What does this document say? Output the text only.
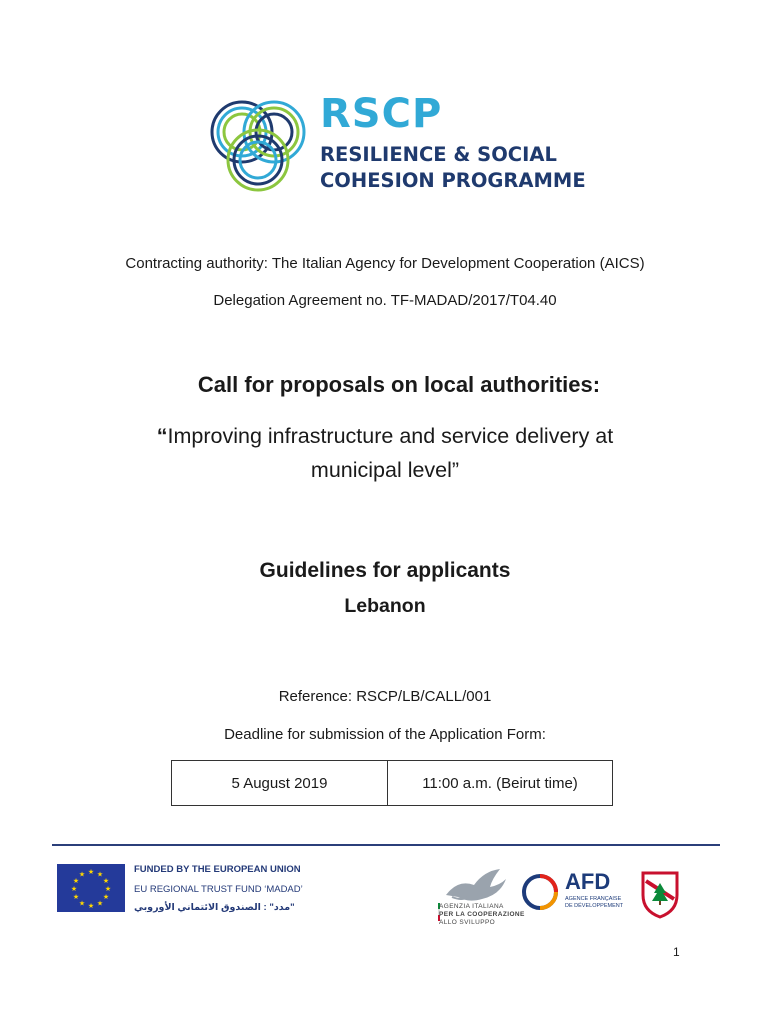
RSCP
RESILIENCE & SOCIAL
COHESION PROGRAMME
Contracting authority: The Italian Agency for Development Cooperation (AICS)
Delegation Agreement no. TF-MADAD/2017/T04.40
Call for proposals on local authorities:
“Improving infrastructure and service delivery at
municipal level”
Guidelines for applicants
Lebanon
Reference: RSCP/LB/CALL/001
Deadline for submission of the Application Form:
5 August 2019	11:00 a.m. (Beirut time)
★ ★
★
★
★
★
★
★
★
★
★
★	FUNDED BY THE EUROPEAN UNION
EU REGIONAL TRUST FUND ‘MADAD’
"مدد" : الصندوق الائتماني الأوروبي	AGENZIA ITALIANA
PER LA COOPERAZIONE
ALLO SVILUPPO
AFD
AGENCE FRANÇAISE
DE DÉVELOPPEMENT
1
